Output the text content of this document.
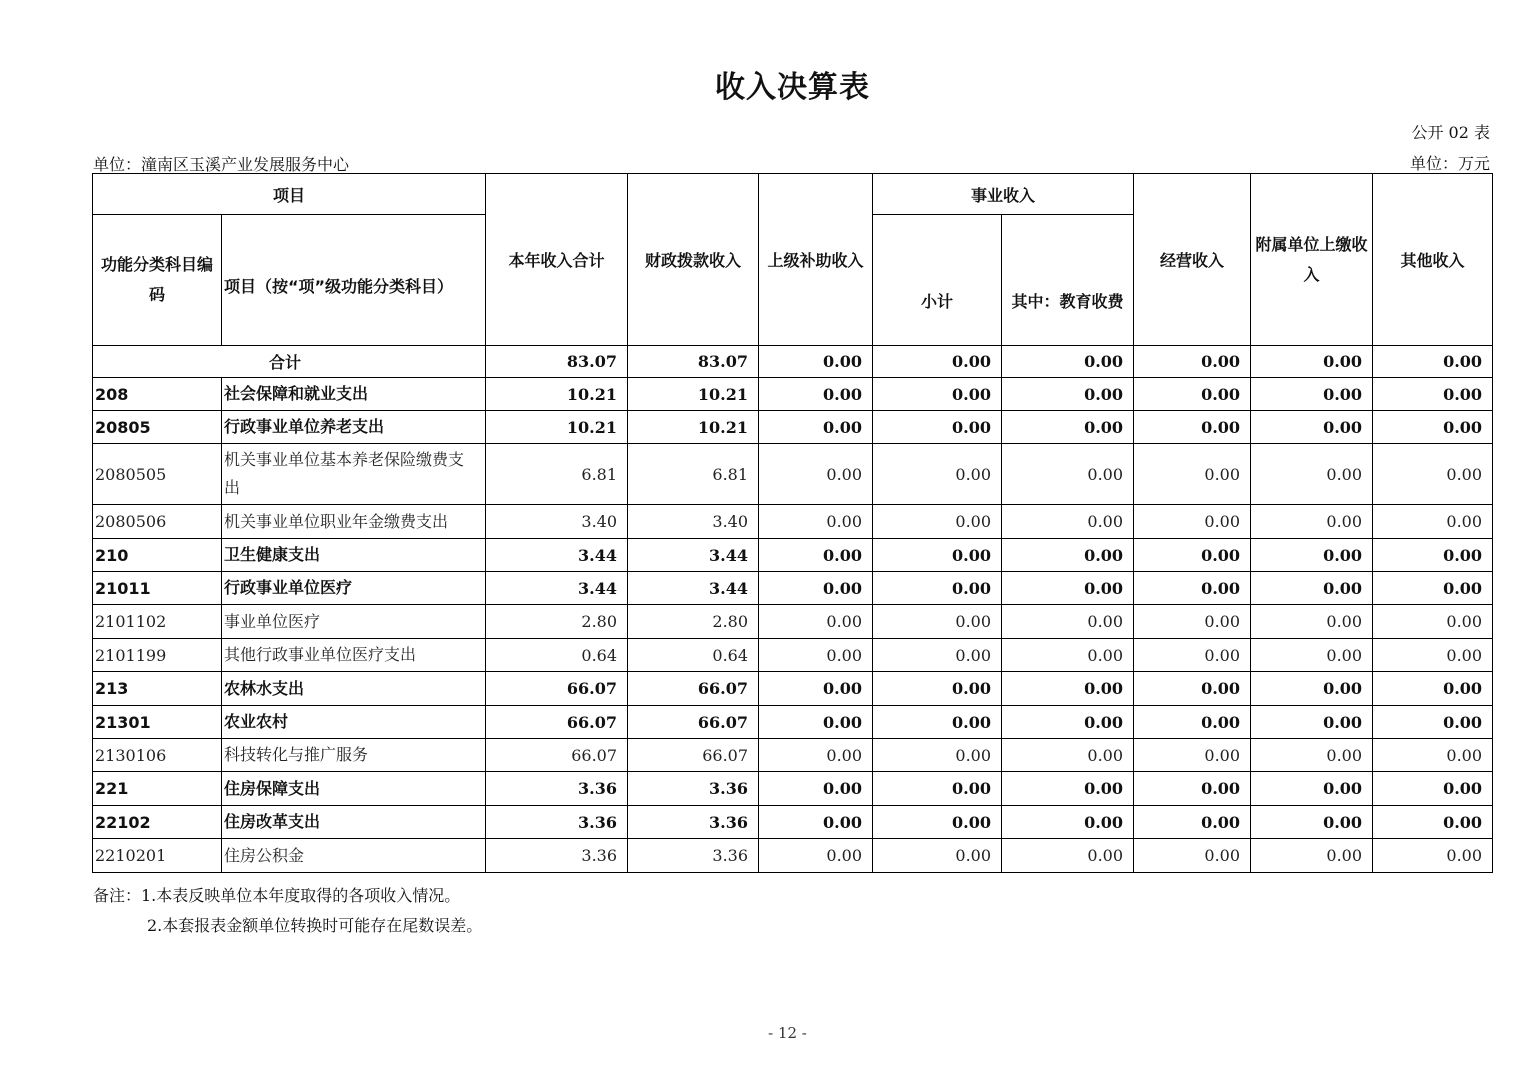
收入决算表
公开 02 表
单位：潼南区玉溪产业发展服务中心	单位：万元
项目		本年收入合计	财政拨款收入	上级补助收入	事业收入		经营收入	附属单位上缴收入	其他收入
功能分类科目编码	项目（按“项”级功能分类科目）				小计	其中：教育收费			
合计		83.07	83.07	0.00	0.00	0.00	0.00	0.00	0.00
208	社会保障和就业支出	10.21	10.21	0.00	0.00	0.00	0.00	0.00	0.00
20805	行政事业单位养老支出	10.21	10.21	0.00	0.00	0.00	0.00	0.00	0.00
2080505	机关事业单位基本养老保险缴费支出	6.81	6.81	0.00	0.00	0.00	0.00	0.00	0.00
2080506	机关事业单位职业年金缴费支出	3.40	3.40	0.00	0.00	0.00	0.00	0.00	0.00
210	卫生健康支出	3.44	3.44	0.00	0.00	0.00	0.00	0.00	0.00
21011	行政事业单位医疗	3.44	3.44	0.00	0.00	0.00	0.00	0.00	0.00
2101102	事业单位医疗	2.80	2.80	0.00	0.00	0.00	0.00	0.00	0.00
2101199	其他行政事业单位医疗支出	0.64	0.64	0.00	0.00	0.00	0.00	0.00	0.00
213	农林水支出	66.07	66.07	0.00	0.00	0.00	0.00	0.00	0.00
21301	农业农村	66.07	66.07	0.00	0.00	0.00	0.00	0.00	0.00
2130106	科技转化与推广服务	66.07	66.07	0.00	0.00	0.00	0.00	0.00	0.00
221	住房保障支出	3.36	3.36	0.00	0.00	0.00	0.00	0.00	0.00
22102	住房改革支出	3.36	3.36	0.00	0.00	0.00	0.00	0.00	0.00
2210201	住房公积金	3.36	3.36	0.00	0.00	0.00	0.00	0.00	0.00
备注：1.本表反映单位本年度取得的各项收入情况。
2.本套报表金额单位转换时可能存在尾数误差。
- 12 -
